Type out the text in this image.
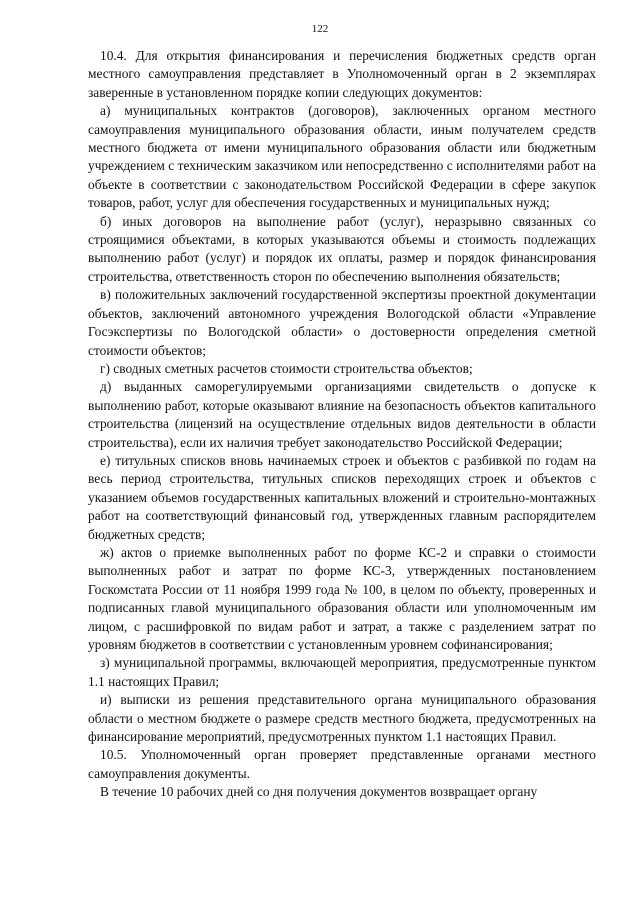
122

10.4. Для открытия финансирования и перечисления бюджетных средств орган местного самоуправления представляет в Уполномоченный орган в 2 экземплярах заверенные в установленном порядке копии следующих документов:

а) муниципальных контрактов (договоров), заключенных органом местного самоуправления муниципального образования области, иным получателем средств местного бюджета от имени муниципального образования области или бюджетным учреждением с техническим заказчиком или непосредственно с исполнителями работ на объекте в соответствии с законодательством Российской Федерации в сфере закупок товаров, работ, услуг для обеспечения государственных и муниципальных нужд;

б) иных договоров на выполнение работ (услуг), неразрывно связанных со строящимися объектами, в которых указываются объемы и стоимость подлежащих выполнению работ (услуг) и порядок их оплаты, размер и порядок финансирования строительства, ответственность сторон по обеспечению выполнения обязательств;

в) положительных заключений государственной экспертизы проектной документации объектов, заключений автономного учреждения Вологодской области «Управление Госэкспертизы по Вологодской области» о достоверности определения сметной стоимости объектов;

г) сводных сметных расчетов стоимости строительства объектов;

д) выданных саморегулируемыми организациями свидетельств о допуске к выполнению работ, которые оказывают влияние на безопасность объектов капитального строительства (лицензий на осуществление отдельных видов деятельности в области строительства), если их наличия требует законодательство Российской Федерации;

е) титульных списков вновь начинаемых строек и объектов с разбивкой по годам на весь период строительства, титульных списков переходящих строек и объектов с указанием объемов государственных капитальных вложений и строительно-монтажных работ на соответствующий финансовый год, утвержденных главным распорядителем бюджетных средств;

ж) актов о приемке выполненных работ по форме КС-2 и справки о стоимости выполненных работ и затрат по форме КС-3, утвержденных постановлением Госкомстата России от 11 ноября 1999 года № 100, в целом по объекту, проверенных и подписанных главой муниципального образования области или уполномоченным им лицом, с расшифровкой по видам работ и затрат, а также с разделением затрат по уровням бюджетов в соответствии с установленным уровнем софинансирования;

з) муниципальной программы, включающей мероприятия, предусмотренные пунктом 1.1 настоящих Правил;

и) выписки из решения представительного органа муниципального образования области о местном бюджете о размере средств местного бюджета, предусмотренных на финансирование мероприятий, предусмотренных пунктом 1.1 настоящих Правил.

10.5. Уполномоченный орган проверяет представленные органами местного самоуправления документы.

В течение 10 рабочих дней со дня получения документов возвращает органу
